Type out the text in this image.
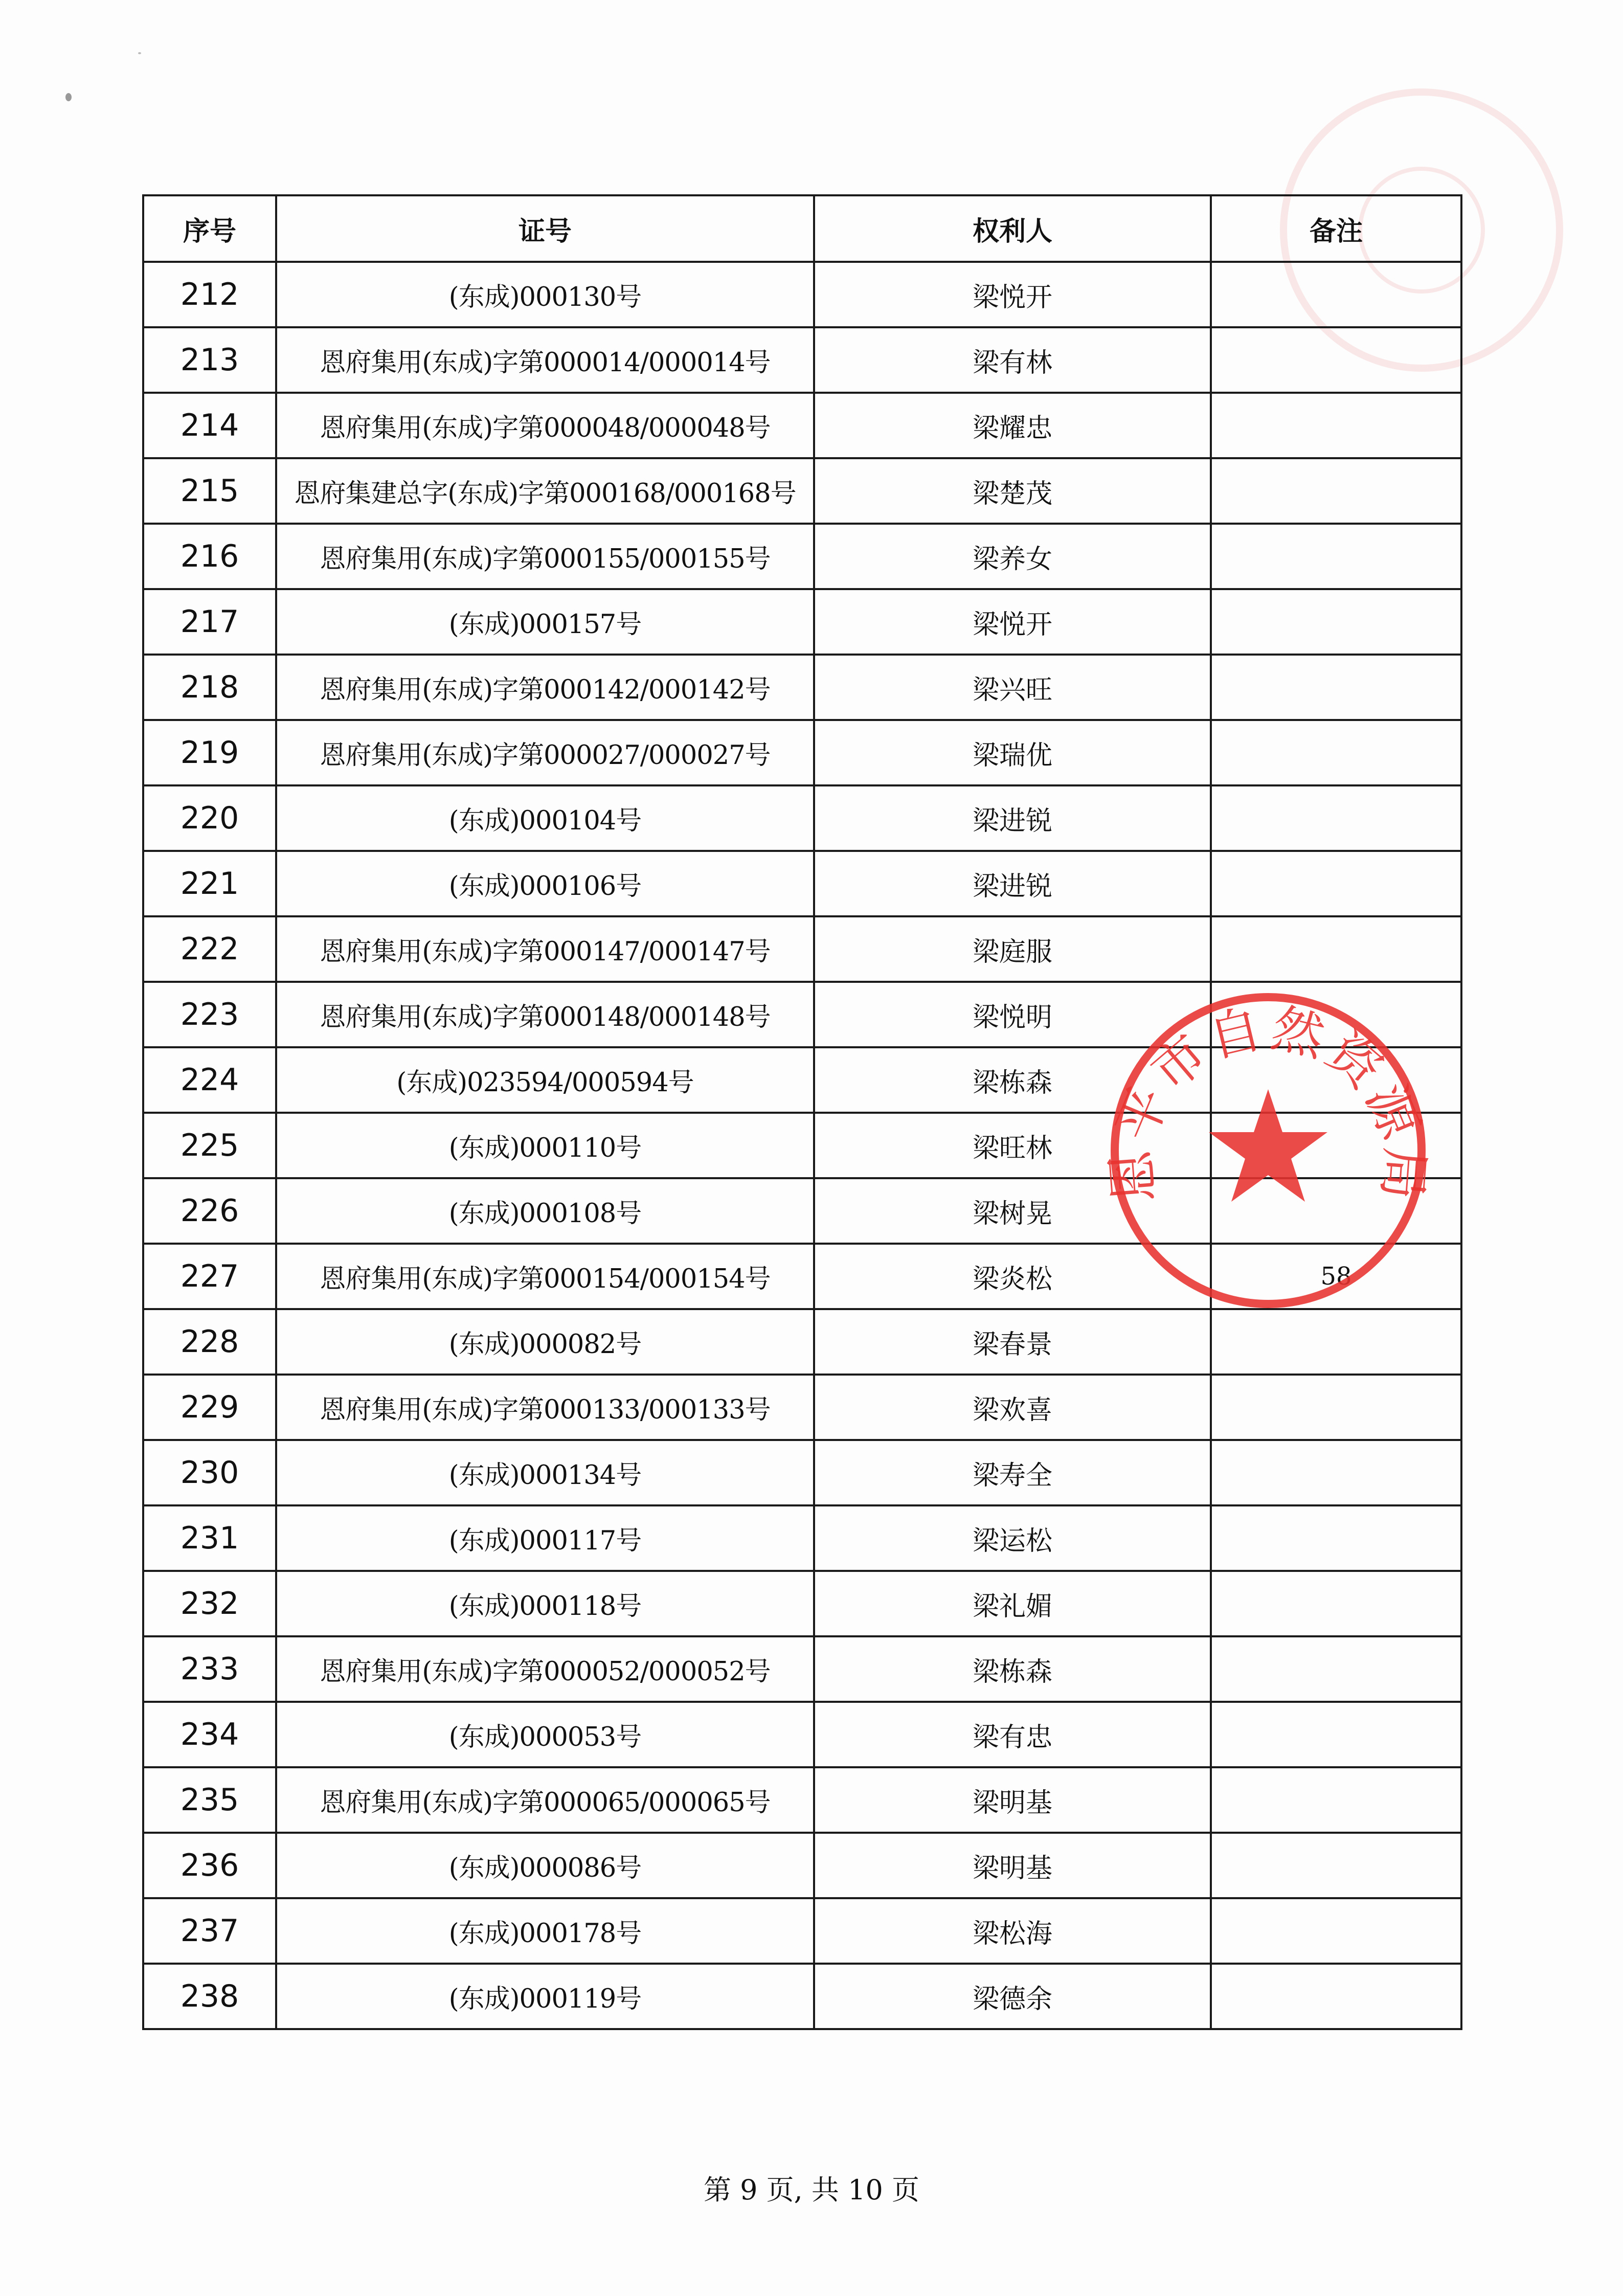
序号	证号	权利人	备注
212	(东成)000130号	梁悦开	
213	恩府集用(东成)字第000014/000014号	梁有林	
214	恩府集用(东成)字第000048/000048号	梁耀忠	
215	恩府集建总字(东成)字第000168/000168号	梁楚茂	
216	恩府集用(东成)字第000155/000155号	梁养女	
217	(东成)000157号	梁悦开	
218	恩府集用(东成)字第000142/000142号	梁兴旺	
219	恩府集用(东成)字第000027/000027号	梁瑞优	
220	(东成)000104号	梁进锐	
221	(东成)000106号	梁进锐	
222	恩府集用(东成)字第000147/000147号	梁庭服	
223	恩府集用(东成)字第000148/000148号	梁悦明	
224	(东成)023594/000594号	梁栋森	
225	(东成)000110号	梁旺林	
226	(东成)000108号	梁树晃	
227	恩府集用(东成)字第000154/000154号	梁炎松	58
228	(东成)000082号	梁春景	
229	恩府集用(东成)字第000133/000133号	梁欢喜	
230	(东成)000134号	梁寿全	
231	(东成)000117号	梁运松	
232	(东成)000118号	梁礼媚	
233	恩府集用(东成)字第000052/000052号	梁栋森	
234	(东成)000053号	梁有忠	
235	恩府集用(东成)字第000065/000065号	梁明基	
236	(东成)000086号	梁明基	
237	(东成)000178号	梁松海	
238	(东成)000119号	梁德余	
恩平市自然资源局
第 9 页, 共 10 页
